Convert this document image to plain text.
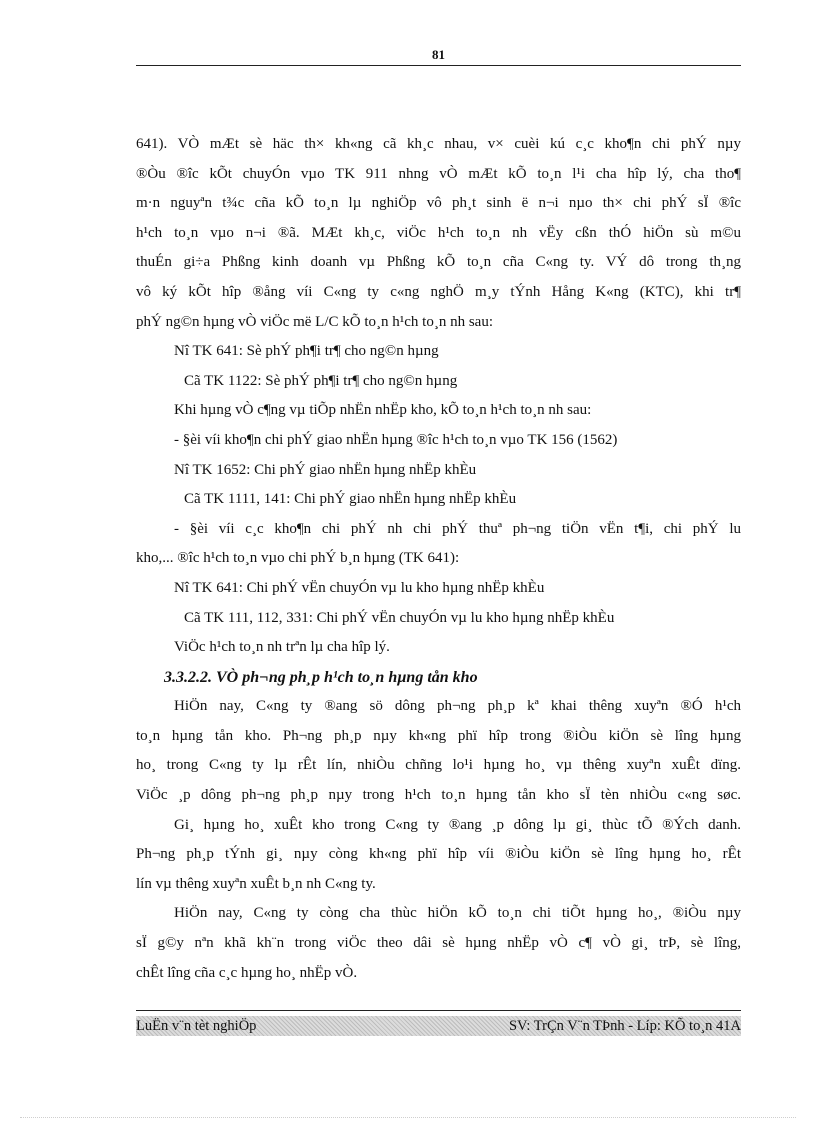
81
641). VÒ mÆt sè häc th× kh«ng cã kh¸c nhau, v× cuèi kú c¸c kho¶n chi phÝ nµy
®Òu ®îc kÕt chuyÓn vµo TK 911 nhng vÒ mÆt kÕ to¸n l¹i cha hîp lý, cha tho¶
m·n nguyªn t¾c cña kÕ to¸n lµ nghiÖp vô ph¸t sinh ë n¬i nµo th× chi phÝ sÏ ®îc
h¹ch to¸n vµo n¬i ®ã. MÆt kh¸c, viÖc h¹ch to¸n nh vËy cßn thÓ hiÖn sù m©u
thuÉn gi÷a Phßng kinh doanh vµ Phßng kÕ to¸n cña C«ng ty. VÝ dô trong th¸ng
vô ký kÕt hîp ®ång víi C«ng ty c«ng nghÖ m¸y tÝnh Hång K«ng (KTC), khi tr¶
phÝ ng©n hµng vÒ viÖc më L/C kÕ to¸n h¹ch to¸n nh sau:
Nî TK 641: Sè phÝ ph¶i tr¶ cho ng©n hµng
Cã TK 1122: Sè phÝ ph¶i tr¶ cho ng©n hµng
Khi hµng vÒ c¶ng vµ tiÕp nhËn nhËp kho, kÕ to¸n h¹ch to¸n nh sau:
- §èi víi kho¶n chi phÝ giao nhËn hµng ®îc h¹ch to¸n vµo TK 156 (1562)
Nî TK 1652: Chi phÝ giao nhËn hµng nhËp khÈu
Cã TK 1111, 141: Chi phÝ giao nhËn hµng nhËp khÈu
- §èi víi c¸c kho¶n chi phÝ nh chi phÝ thuª ph¬ng tiÖn vËn t¶i, chi phÝ lu
kho,... ®îc h¹ch to¸n vµo chi phÝ b¸n hµng (TK 641):
Nî TK 641: Chi phÝ vËn chuyÓn vµ lu kho hµng nhËp khÈu
Cã TK 111, 112, 331: Chi phÝ vËn chuyÓn vµ lu kho hµng nhËp khÈu
ViÖc h¹ch to¸n nh trªn lµ cha hîp lý.
3.3.2.2. VÒ ph¬ng ph¸p h¹ch to¸n hµng tån kho
HiÖn nay, C«ng ty ®ang sö dông ph¬ng ph¸p kª khai thêng xuyªn ®Ó h¹ch
to¸n hµng tån kho. Ph¬ng ph¸p nµy kh«ng phï hîp trong ®iÒu kiÖn sè lîng hµng
ho¸ trong C«ng ty lµ rÊt lín, nhiÒu chñng lo¹i hµng ho¸ vµ thêng xuyªn xuÊt dïng.
ViÖc ¸p dông ph¬ng ph¸p nµy trong h¹ch to¸n hµng tån kho sÏ tèn nhiÒu c«ng søc.
Gi¸ hµng ho¸ xuÊt kho trong C«ng ty ®ang ¸p dông lµ gi¸ thùc tÕ ®Ých danh.
Ph¬ng ph¸p tÝnh gi¸ nµy còng kh«ng phï hîp víi ®iÒu kiÖn sè lîng hµng ho¸ rÊt
lín vµ thêng xuyªn xuÊt b¸n nh C«ng ty.
HiÖn nay, C«ng ty còng cha thùc hiÖn kÕ to¸n chi tiÕt hµng ho¸, ®iÒu nµy
sÏ g©y nªn khã kh¨n trong viÖc theo dâi sè hµng nhËp vÒ c¶ vÒ gi¸ trÞ, sè lîng,
chÊt lîng cña c¸c hµng ho¸ nhËp vÒ.
LuËn v¨n tèt nghiÖp	SV: TrÇn V¨n TÞnh - Líp: KÕ to¸n 41A
